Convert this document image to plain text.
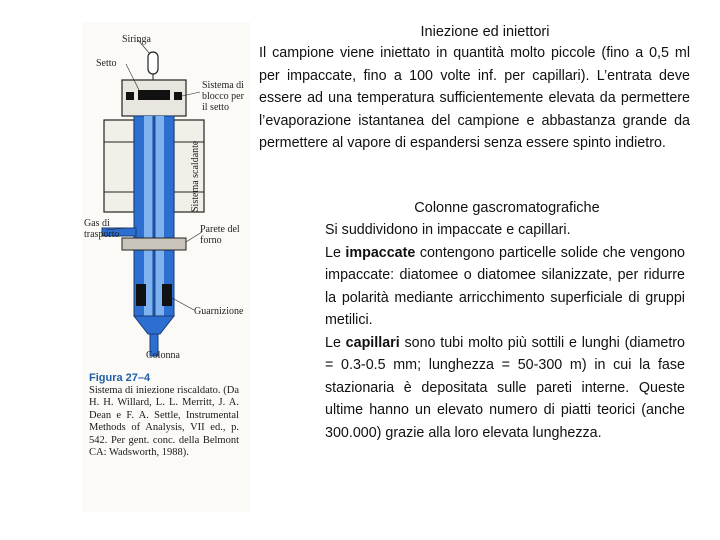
Siringa
Setto
Sistema di blocco per il setto
Sistema scaldante
Gas di trasporto	Parete del forno
Guarnizione
Colonna
Figura 27–4
Sistema di iniezione riscaldato. (Da H. H. Willard, L. L. Merritt, J. A. Dean e F. A. Settle, Instrumental Methods of Analysis, VII ed., p. 542. Per gent. conc. della Belmont CA: Wadsworth, 1988).
Iniezione ed iniettori
Il campione viene iniettato in quantità molto piccole (fino a 0,5 ml per impaccate, fino a 100 volte inf. per capillari). L’entrata deve essere ad una temperatura sufficientemente elevata da permettere l’evaporazione istantanea del campione e abbastanza grande da permettere al vapore di espandersi senza essere spinto indietro.
Colonne gascromatografiche

Si suddividono in impaccate e capillari.

Le impaccate contengono particelle solide che vengono impaccate: diatomee o diatomee silanizzate, per ridurre la polarità mediante arricchimento superficiale di gruppi metilici.

Le capillari sono tubi molto più sottili e lunghi (diametro = 0.3-0.5 mm; lunghezza = 50-300 m) in cui la fase stazionaria è depositata sulle pareti interne. Queste ultime hanno un elevato numero di piatti teorici (anche 300.000) grazie alla loro elevata lunghezza.
